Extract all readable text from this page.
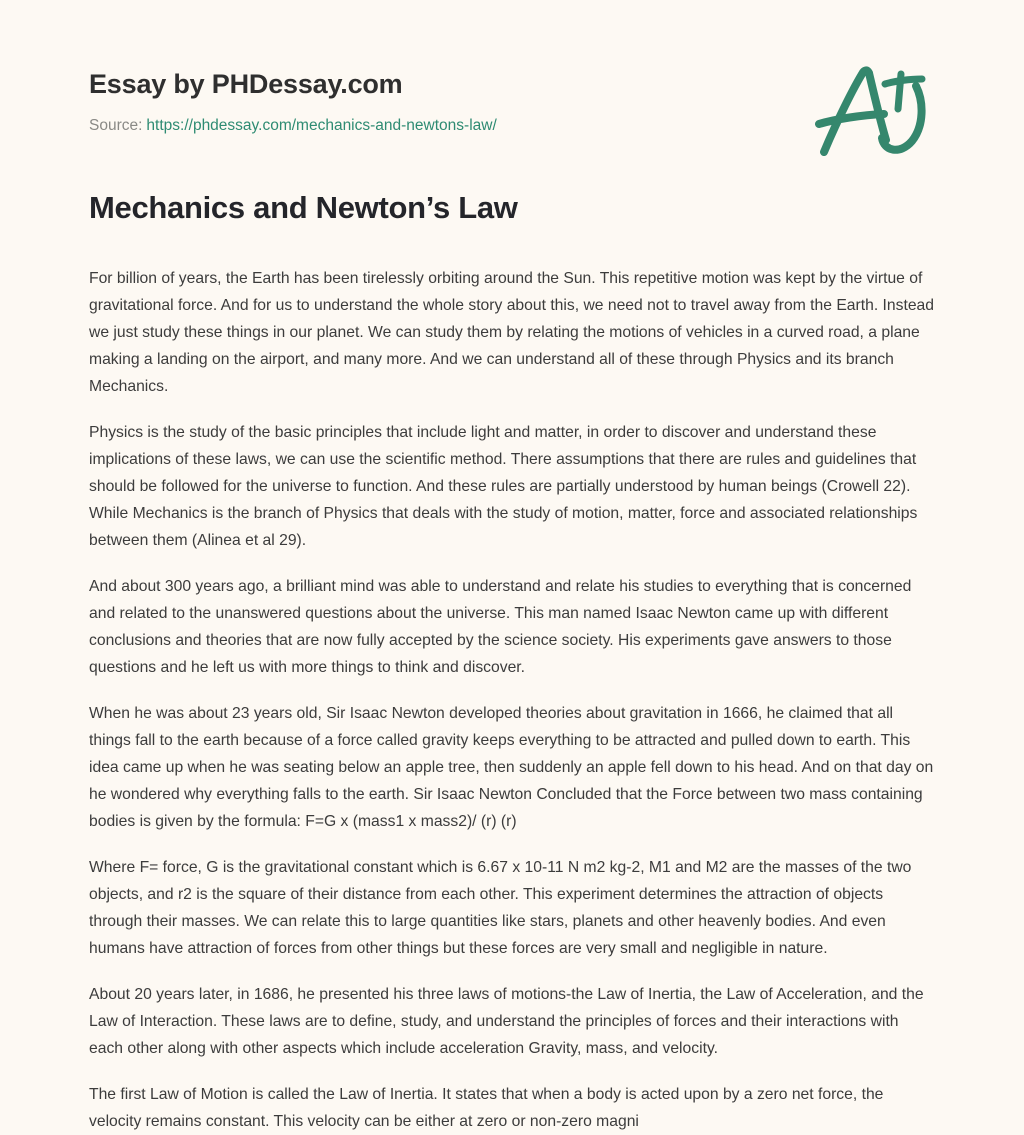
Essay by PHDessay.com
Source: https://phdessay.com/mechanics-and-newtons-law/
Mechanics and Newton’s Law

For billion of years, the Earth has been tirelessly orbiting around the Sun. This repetitive motion was kept by the virtue of gravitational force. And for us to understand the whole story about this, we need not to travel away from the Earth. Instead we just study these things in our planet. We can study them by relating the motions of vehicles in a curved road, a plane making a landing on the airport, and many more. And we can understand all of these through Physics and its branch Mechanics.

Physics is the study of the basic principles that include light and matter, in order to discover and understand these implications of these laws, we can use the scientific method. There assumptions that there are rules and guidelines that should be followed for the universe to function. And these rules are partially understood by human beings (Crowell 22). While Mechanics is the branch of Physics that deals with the study of motion, matter, force and associated relationships between them (Alinea et al 29).

And about 300 years ago, a brilliant mind was able to understand and relate his studies to everything that is concerned and related to the unanswered questions about the universe. This man named Isaac Newton came up with different conclusions and theories that are now fully accepted by the science society. His experiments gave answers to those questions and he left us with more things to think and discover.

When he was about 23 years old, Sir Isaac Newton developed theories about gravitation in 1666, he claimed that all things fall to the earth because of a force called gravity keeps everything to be attracted and pulled down to earth. This idea came up when he was seating below an apple tree, then suddenly an apple fell down to his head. And on that day on he wondered why everything falls to the earth. Sir Isaac Newton Concluded that the Force between two mass containing bodies is given by the formula: F=G x (mass1 x mass2)/ (r) (r)

Where F= force, G is the gravitational constant which is 6.67 x 10-11 N m2 kg-2, M1 and M2 are the masses of the two objects, and r2 is the square of their distance from each other. This experiment determines the attraction of objects through their masses. We can relate this to large quantities like stars, planets and other heavenly bodies. And even humans have attraction of forces from other things but these forces are very small and negligible in nature.

About 20 years later, in 1686, he presented his three laws of motions-the Law of Inertia, the Law of Acceleration, and the Law of Interaction. These laws are to define, study, and understand the principles of forces and their interactions with each other along with other aspects which include acceleration Gravity, mass, and velocity.

The first Law of Motion is called the Law of Inertia. It states that when a body is acted upon by a zero net force, the velocity remains constant. This velocity can be either at zero or non-zero magni
